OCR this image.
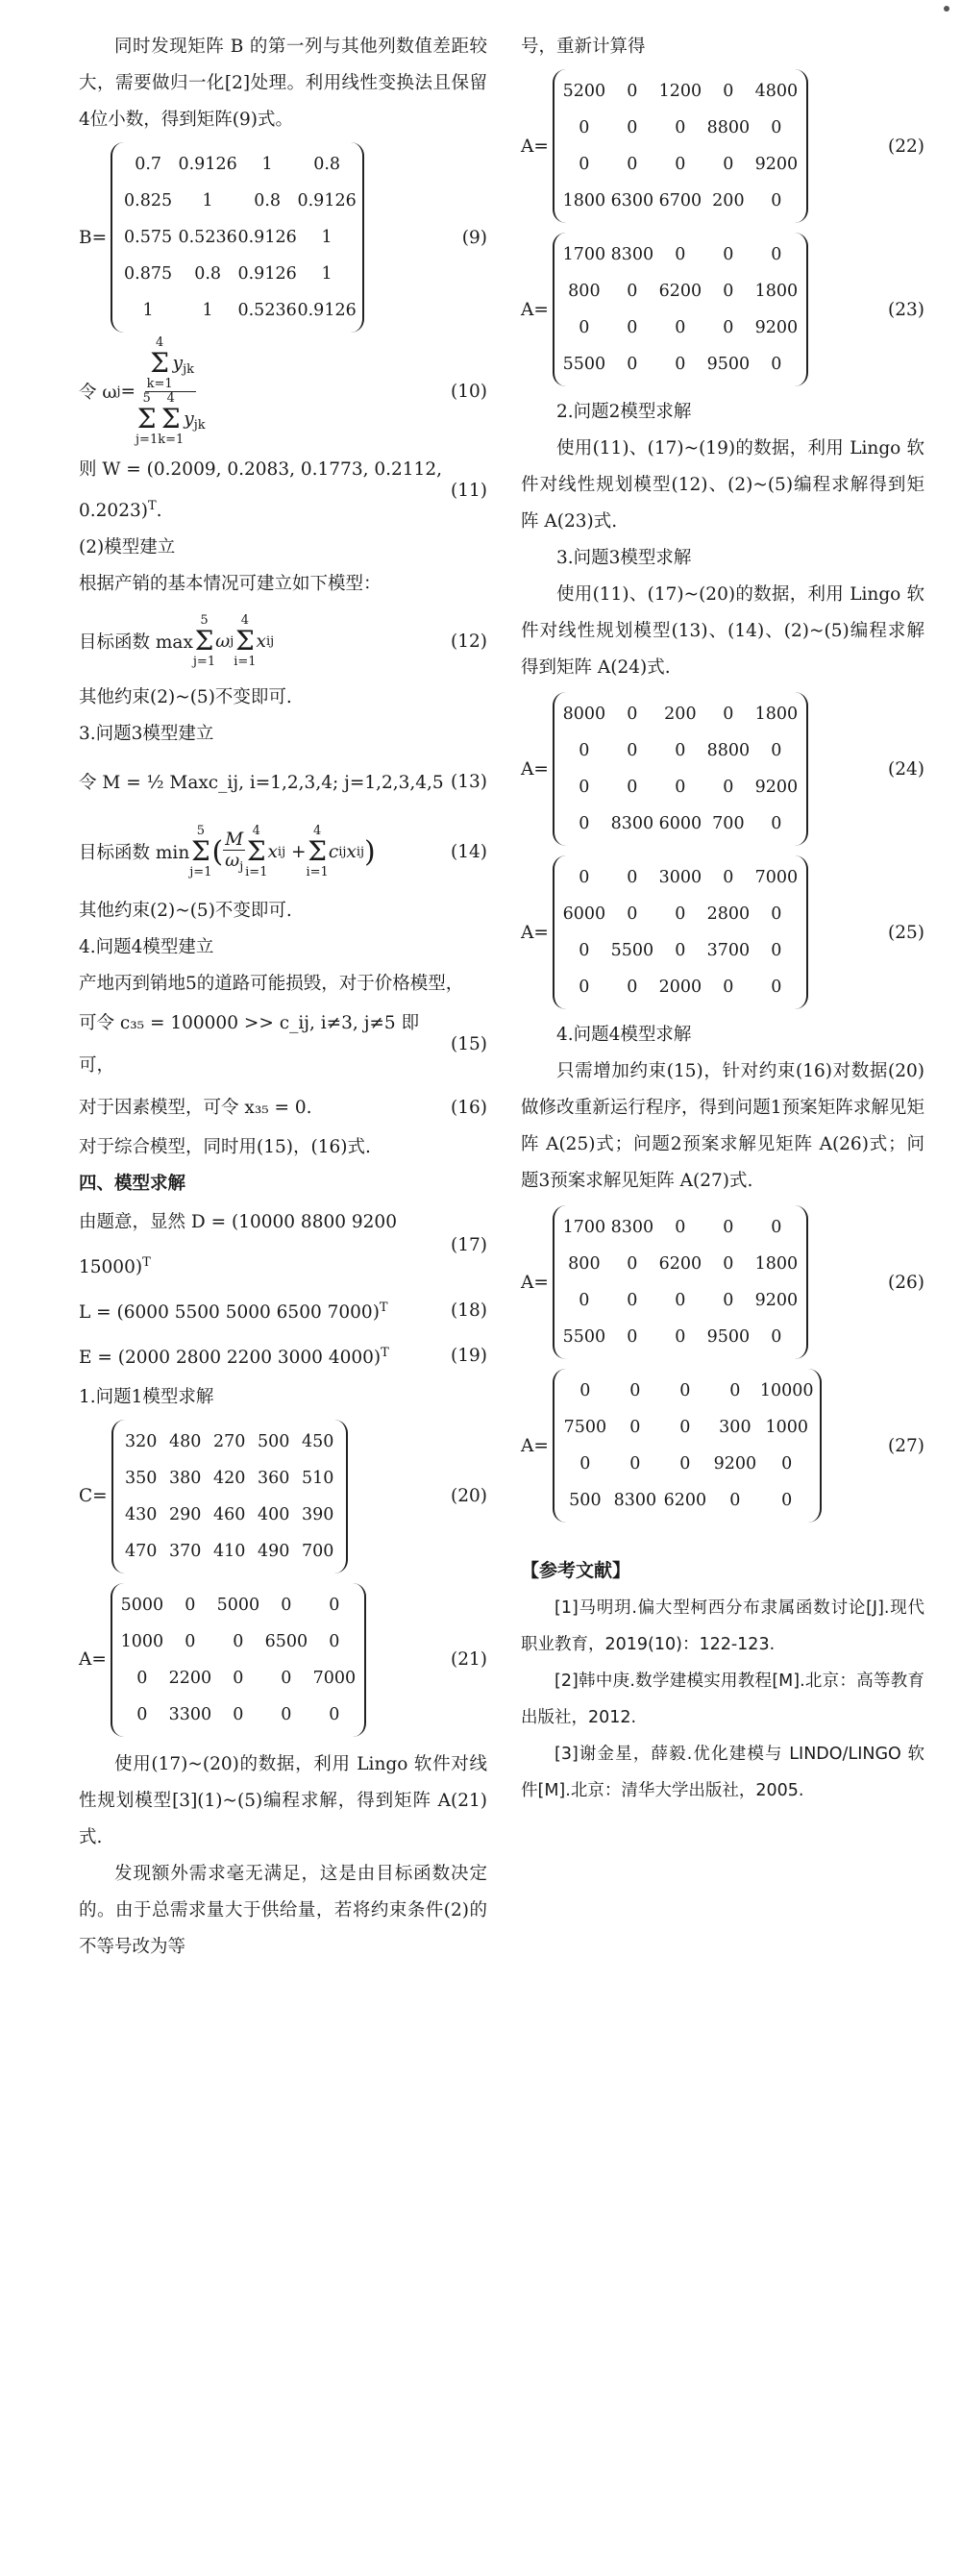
同时发现矩阵 B 的第一列与其他列数值差距较大，需要做归一化[2]处理。利用线性变换法且保留4位小数，得到矩阵(9)式。

B=
0.7	0.9126	1	0.8
0.825	1	0.8	0.9126
0.575	0.5236	0.9126	1
0.875	0.8	0.9126	1
1	1	0.5236	0.9126
(9)
令 ω j = 4
Σ
k=1
$y_{jk}$
5
Σ
j=1
4
Σ
k=1
$y_{jk}$	(10)
则 W = (0.2009, 0.2083, 0.1773, 0.2112, 0.2023)$^T$.
(11)

(2)模型建立

根据产销的基本情况可建立如下模型：

目标函数 max
5
Σ
j=1
ω j
4
Σ
i=1
x ij	(12)

其他约束(2)~(5)不变即可.

3.问题3模型建立

令 M = ½ Maxc_ij, i=1,2,3,4; j=1,2,3,4,5 (13)
目标函数 min
5
Σ
j=1
( $\frac{M}{\omega_j} 4$
Σ
i=1
x ij +
4
Σ
i=1
c ij x ij )	(14)

其他约束(2)~(5)不变即可.

4.问题4模型建立

产地丙到销地5的道路可能损毁，对于价格模型，

可令 c₃₅ = 100000 >> c_ij, i≠3, j≠5 即可，
(15)
对于因素模型，可令 x₃₅ = 0.	(16)

对于综合模型，同时用(15)，(16)式.

四、模型求解

由题意，显然 D = (10000 8800 9200 15000)$^T$
(17)
L = (6000 5500 5000 6500 7000)$^T$	(18)
E = (2000 2800 2200 3000 4000)$^T$	(19)

1.问题1模型求解

C=
320	480	270	500	450
350	380	420	360	510
430	290	460	400	390
470	370	410	490	700
(20)
A=
5000	0	5000	0	0
1000	0	0	6500	0
0	2200	0	0	7000
0	3300	0	0	0
(21)

使用(17)~(20)的数据，利用 Lingo 软件对线性规划模型[3](1)~(5)编程求解，得到矩阵 A(21)式.

发现额外需求毫无满足，这是由目标函数决定的。由于总需求量大于供给量，若将约束条件(2)的不等号改为等

号，重新计算得

A=
5200	0	1200	0	4800
0	0	0	8800	0
0	0	0	0	9200
1800	6300	6700	200	0
(22)
A=
1700	8300	0	0	0
800	0	6200	0	1800
0	0	0	0	9200
5500	0	0	9500	0
(23)

2.问题2模型求解

使用(11)、(17)~(19)的数据，利用 Lingo 软件对线性规划模型(12)、(2)~(5)编程求解得到矩阵 A(23)式.

3.问题3模型求解

使用(11)、(17)~(20)的数据，利用 Lingo 软件对线性规划模型(13)、(14)、(2)~(5)编程求解得到矩阵 A(24)式.

A=
8000	0	200	0	1800
0	0	0	8800	0
0	0	0	0	9200
0	8300	6000	700	0
(24)
A=
0	0	3000	0	7000
6000	0	0	2800	0
0	5500	0	3700	0
0	0	2000	0	0
(25)

4.问题4模型求解

只需增加约束(15)，针对约束(16)对数据(20)做修改重新运行程序，得到问题1预案矩阵求解见矩阵 A(25)式；问题2预案求解见矩阵 A(26)式；问题3预案求解见矩阵 A(27)式.

A=
1700	8300	0	0	0
800	0	6200	0	1800
0	0	0	0	9200
5500	0	0	9500	0
(26)
A=
0	0	0	0	10000
7500	0	0	300	1000
0	0	0	9200	0
500	8300	6200	0	0
(27)
【参考文献】

[1]马明玥.偏大型柯西分布隶属函数讨论[J].现代职业教育，2019(10)：122-123.

[2]韩中庚.数学建模实用教程[M].北京：高等教育出版社，2012.

[3]谢金星，薛毅.优化建模与 LINDO/LINGO 软件[M].北京：清华大学出版社，2005.
